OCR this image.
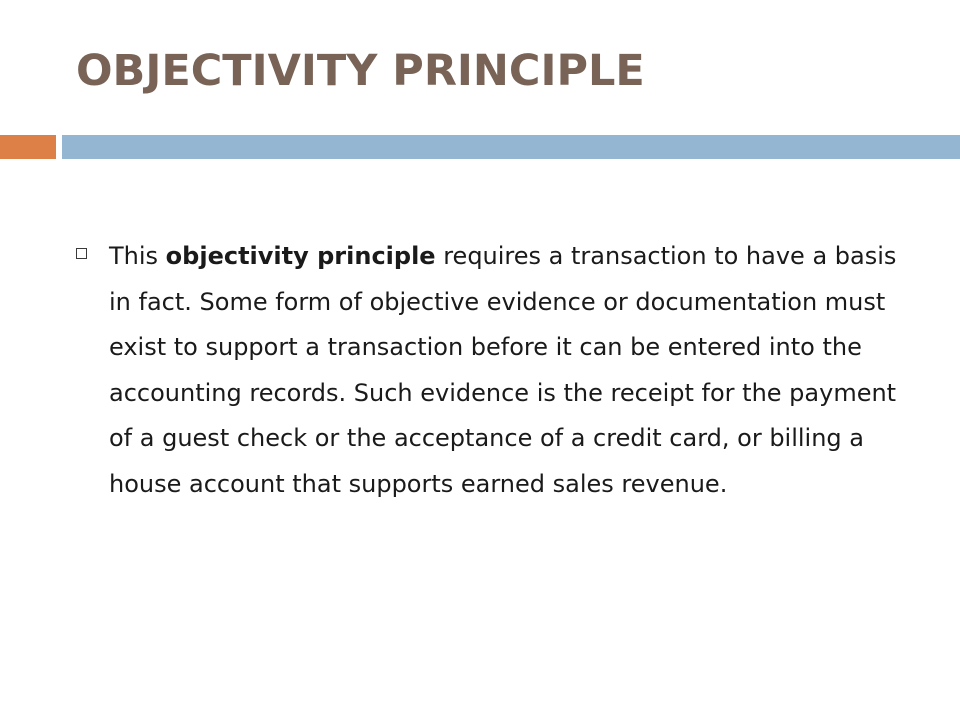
OBJECTIVITY PRINCIPLE

This objectivity principle requires a transaction to have a basis in fact. Some form of objective evidence or documentation must exist to support a transaction before it can be entered into the accounting records. Such evidence is the receipt for the payment of a guest check or the acceptance of a credit card, or billing a house account that supports earned sales revenue.
